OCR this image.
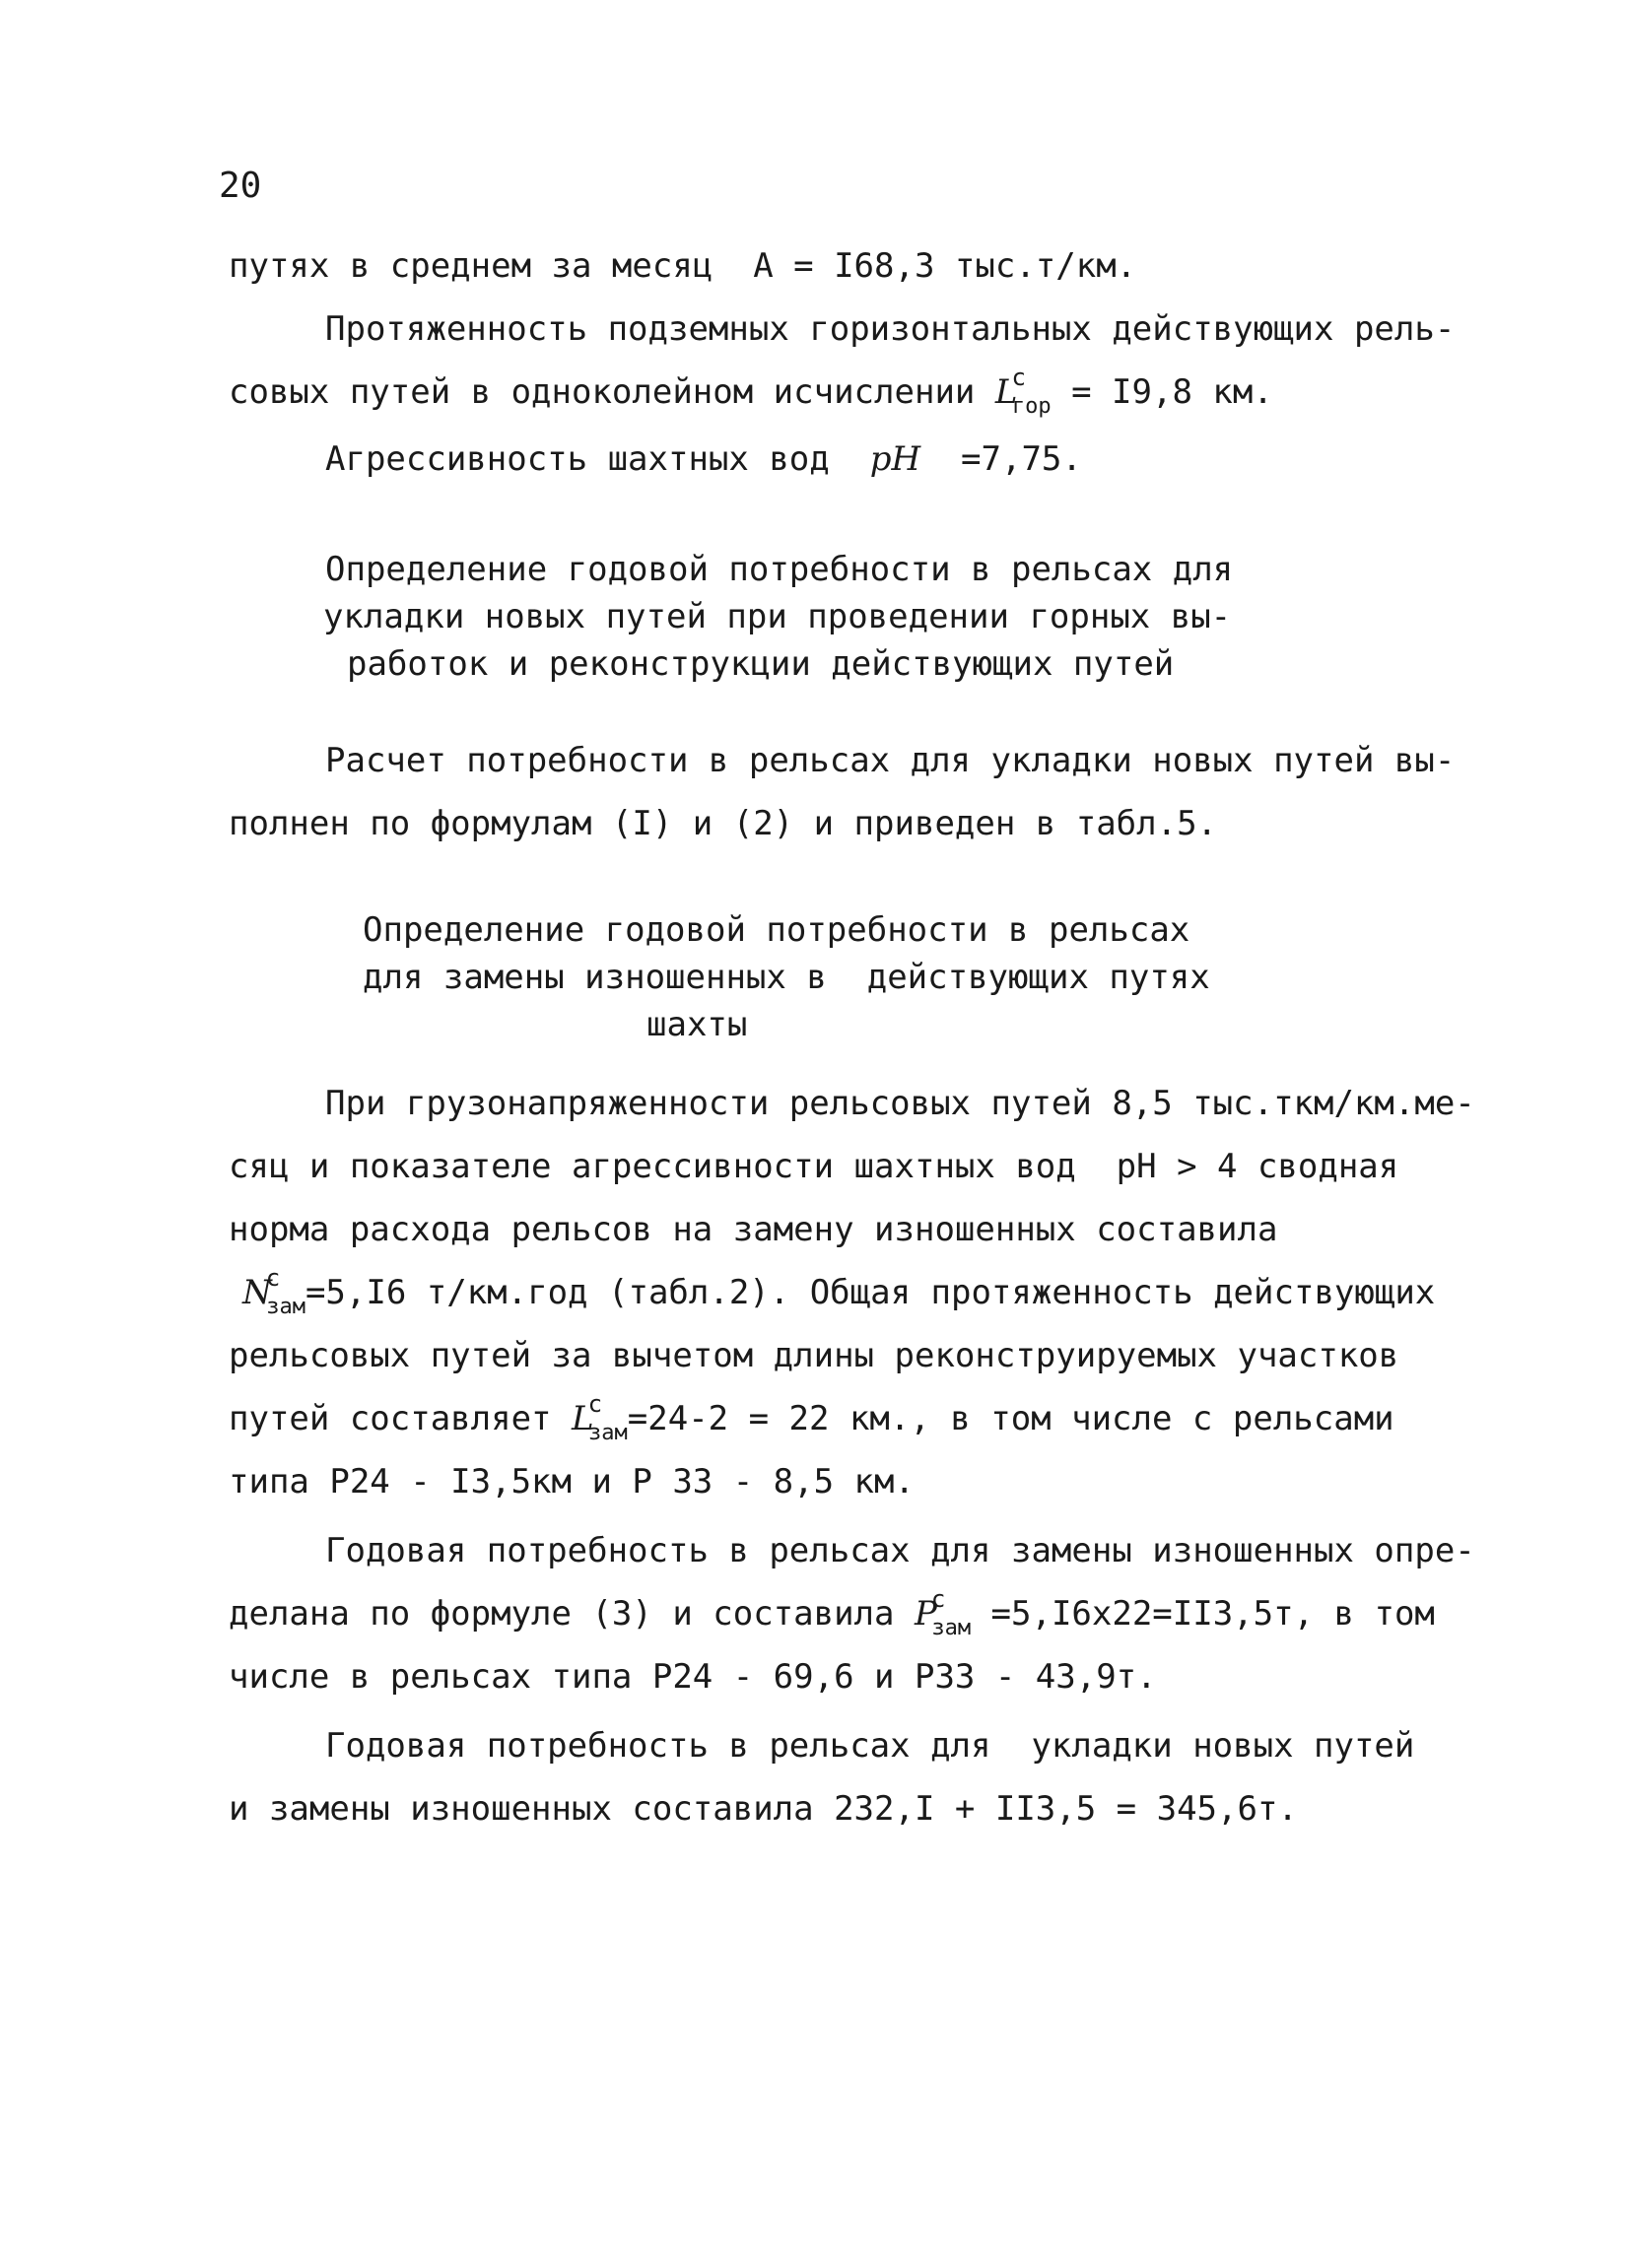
20
путях в среднем за месяц  А = I68,3 тыс.т/км.
Протяженность подземных горизонтальных действующих рель-
совых путей в одноколейном исчислении $L^с_{гор} = I9,8$ км.
Агрессивность шахтных вод  pH  =7,75.
Определение годовой потребности в рельсах для
укладки новых путей при проведении горных вы-
работок и реконструкции действующих путей
Расчет потребности в рельсах для укладки новых путей вы-
полнен по формулам (I) и (2) и приведен в табл.5.
Определение годовой потребности в рельсах
для замены изношенных в  действующих путях
шахты
При грузонапряженности рельсовых путей 8,5 тыс.ткм/км.ме-
сяц и показателе агрессивности шахтных вод  pH > 4 сводная
норма расхода рельсов на замену изношенных составила
$N^с_{зам}=5,I6$ т/км.год (табл.2). Общая протяженность действующих
рельсовых путей за вычетом длины реконструируемых участков
путей составляет $L^с_{зам}=24-2 = 22$ км., в том числе с рельсами
типа Р24 - I3,5км и Р 33 - 8,5 км.
Годовая потребность в рельсах для замены изношенных опре-
делана по формуле (3) и составила $P^с_{зам} =5,I6х22=II3,5т$, в том
числе в рельсах типа Р24 - 69,6 и Р33 - 43,9т.
Годовая потребность в рельсах для  укладки новых путей
и замены изношенных составила 232,I + II3,5 = 345,6т.
